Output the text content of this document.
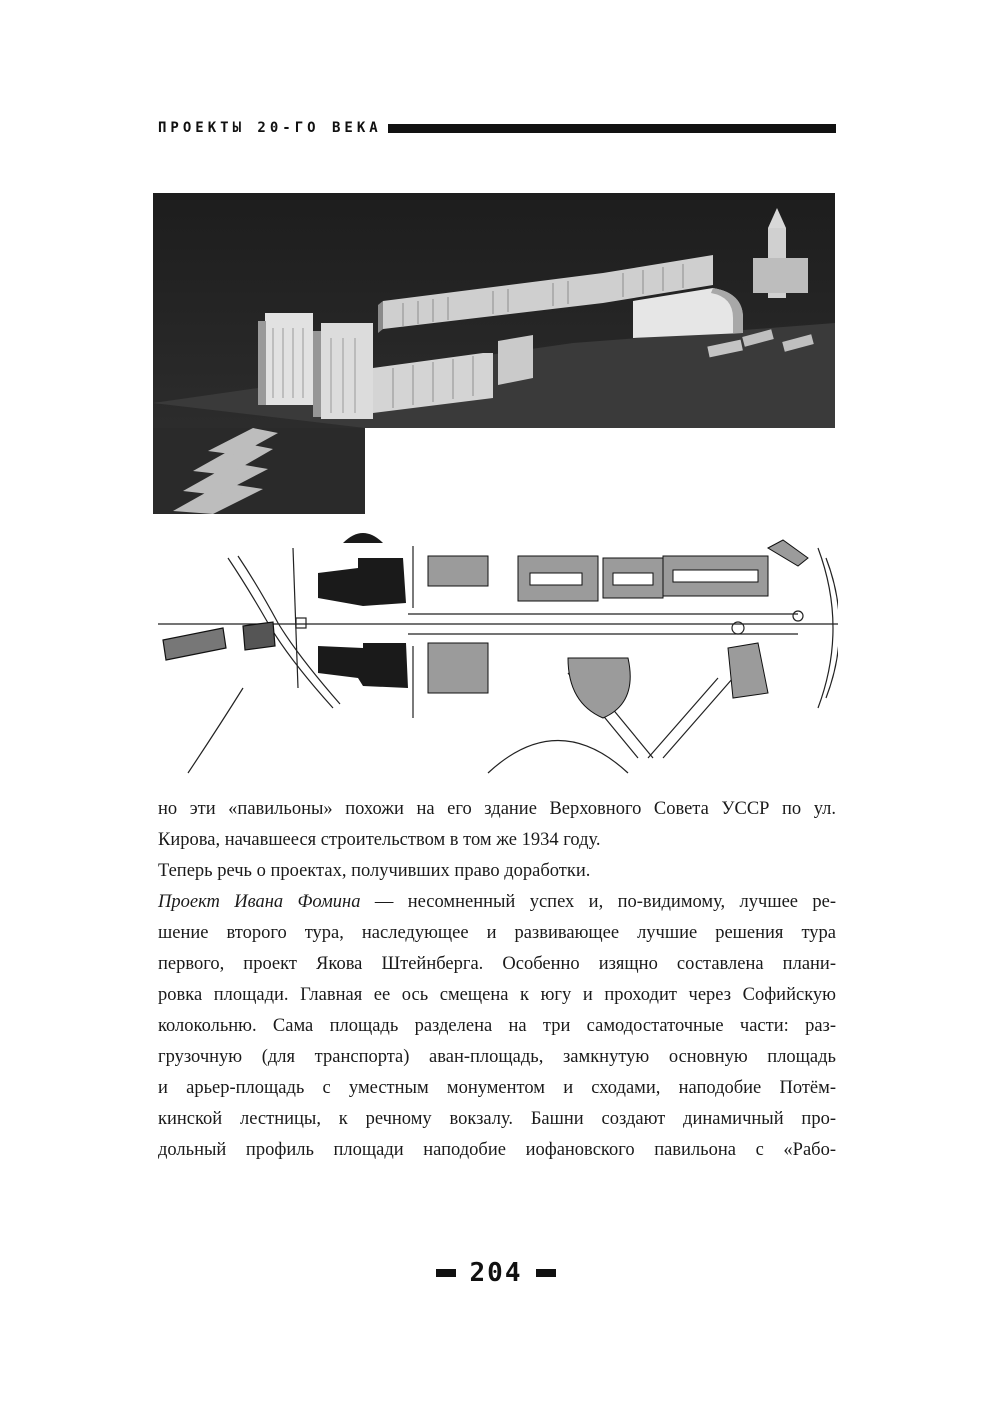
ПРОЕКТЫ 20-ГО ВЕКА

но эти «павильоны» похожи на его здание Верховного Совета УССР по ул.

Кирова, начавшееся строительством в том же 1934 году.

Теперь речь о проектах, получивших право доработки.

Проект Ивана Фомина — несомненный успех и, по-видимому, лучшее ре-

шение второго тура, наследующее и развивающее лучшие решения тура

первого, проект Якова Штейнберга. Особенно изящно составлена плани-

ровка площади. Главная ее ось смещена к югу и проходит через Софийскую

колокольню. Сама площадь разделена на три самодостаточные части: раз-

грузочную (для транспорта) аван-площадь, замкнутую основную площадь

и арьер-площадь с уместным монументом и сходами, наподобие Потём-

кинской лестницы, к речному вокзалу. Башни создают динамичный про-

дольный профиль площади наподобие иофановского павильона с «Рабо-

204
